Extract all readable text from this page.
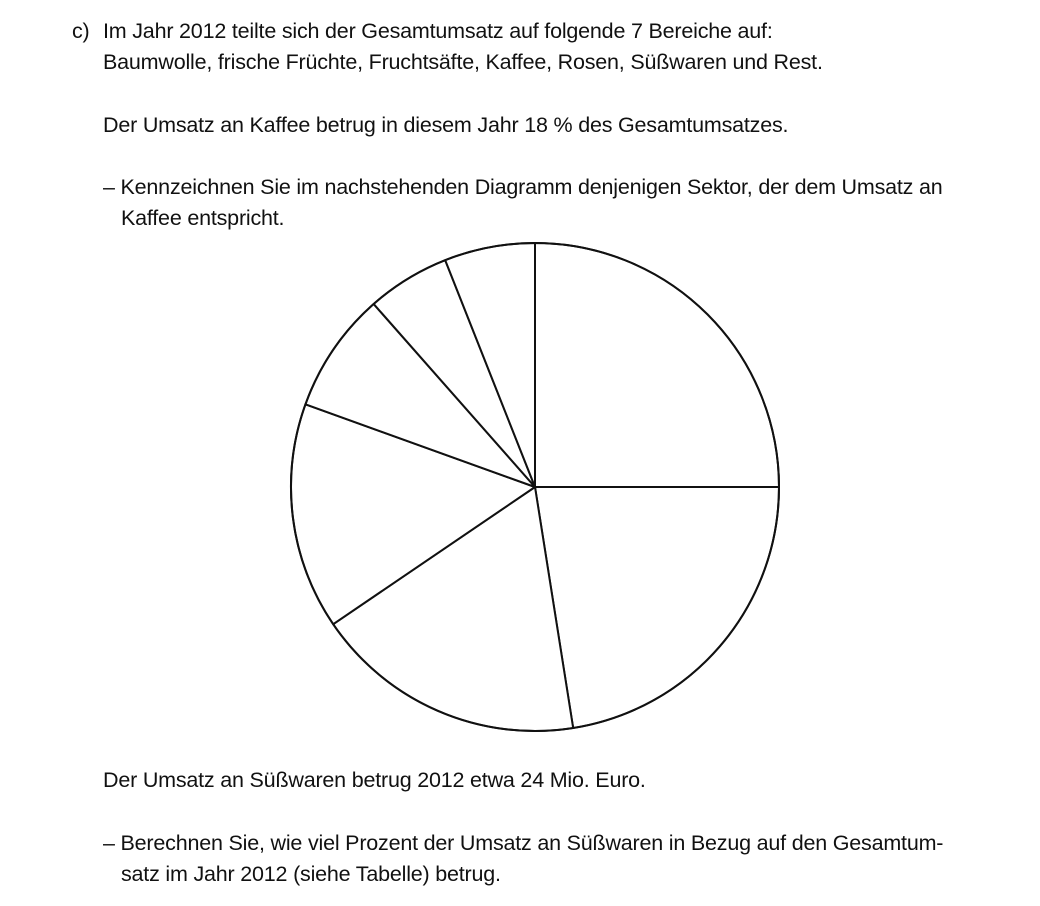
c) Im Jahr 2012 teilte sich der Gesamtumsatz auf folgende 7 Bereiche auf:
Baumwolle, frische Früchte, Fruchtsäfte, Kaffee, Rosen, Süßwaren und Rest.
Der Umsatz an Kaffee betrug in diesem Jahr 18 % des Gesamtumsatzes.
– Kennzeichnen Sie im nachstehenden Diagramm denjenigen Sektor, der dem Umsatz an
Kaffee entspricht.
Der Umsatz an Süßwaren betrug 2012 etwa 24 Mio. Euro.
– Berechnen Sie, wie viel Prozent der Umsatz an Süßwaren in Bezug auf den Gesamtum-
satz im Jahr 2012 (siehe Tabelle) betrug.
